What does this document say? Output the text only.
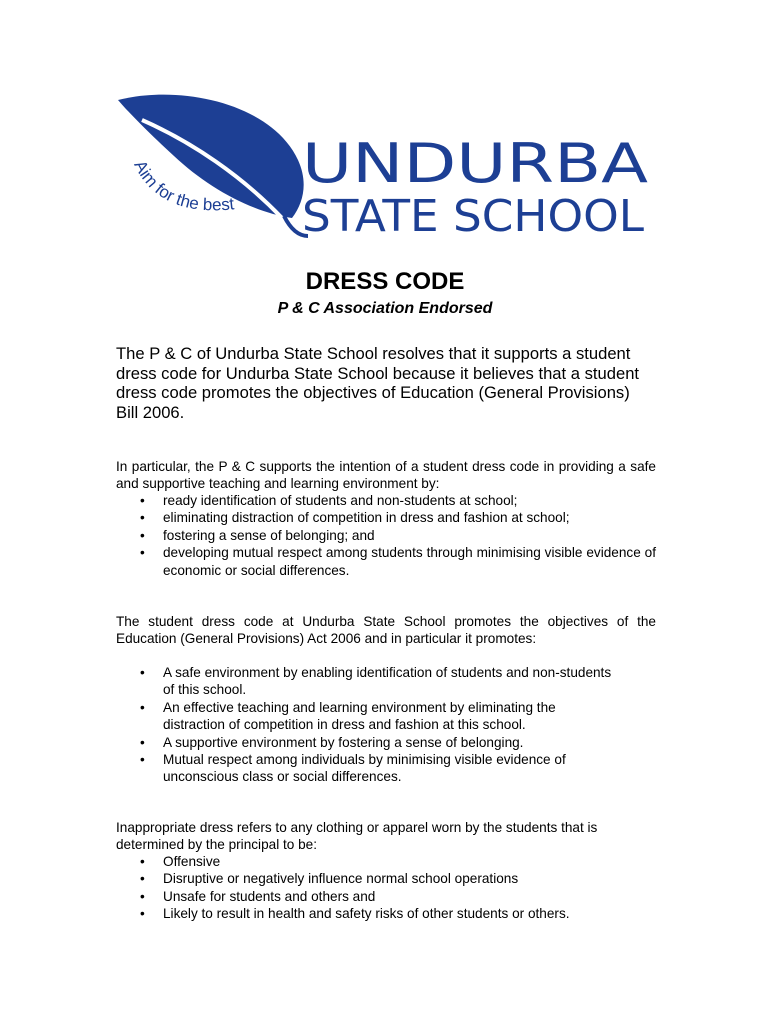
Aim for the best
UNDURBA
STATE SCHOOL
DRESS CODE
P & C Association Endorsed

The P & C of Undurba State School resolves that it supports a student dress code for Undurba State School because it believes that a student dress code promotes the objectives of Education (General Provisions) Bill 2006.

In particular, the P & C supports the intention of a student dress code in providing a safe and supportive teaching and learning environment by:

• ready identification of students and non-students at school;
• eliminating distraction of competition in dress and fashion at school;
• fostering a sense of belonging; and
• developing mutual respect among students through minimising visible evidence of economic or social differences.

The student dress code at Undurba State School promotes the objectives of the Education (General Provisions) Act 2006 and in particular it promotes:

• A safe environment by enabling identification of students and non-students of this school.
• An effective teaching and learning environment by eliminating the distraction of competition in dress and fashion at this school.
• A supportive environment by fostering a sense of belonging.
• Mutual respect among individuals by minimising visible evidence of unconscious class or social differences.

Inappropriate dress refers to any clothing or apparel worn by the students that is determined by the principal to be:

• Offensive
• Disruptive or negatively influence normal school operations
• Unsafe for students and others and
• Likely to result in health and safety risks of other students or others.
